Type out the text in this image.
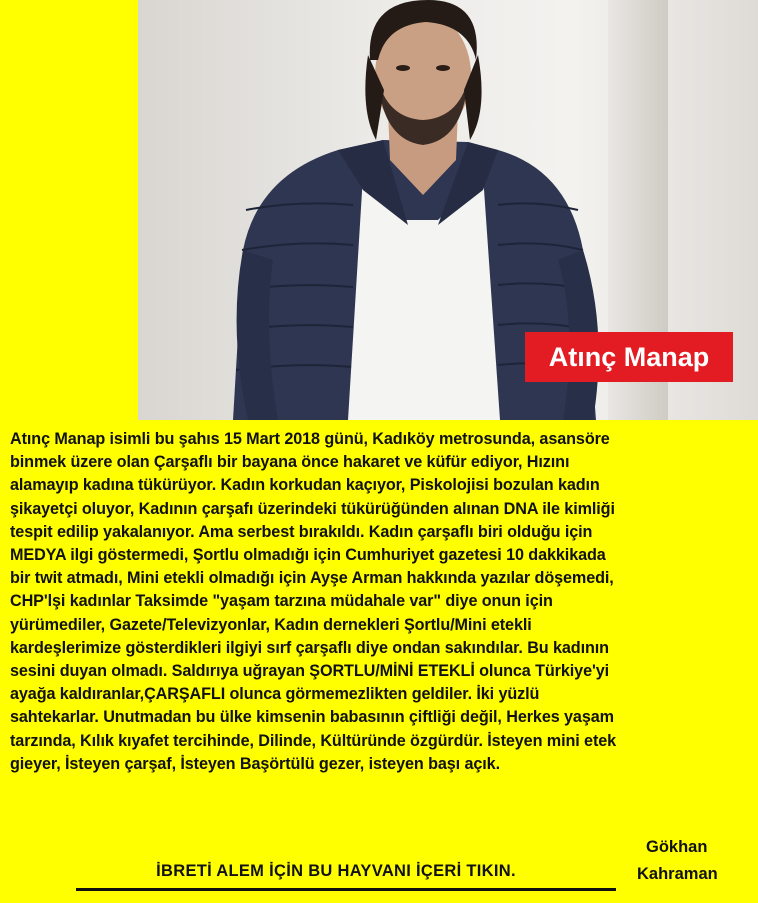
Atınç Manap
Atınç Manap isimli bu şahıs 15 Mart 2018 günü, Kadıköy metrosunda, asansöre
binmek üzere olan Çarşaflı bir bayana önce hakaret ve küfür ediyor, Hızını
alamayıp kadına tükürüyor. Kadın korkudan kaçıyor, Piskolojisi bozulan kadın
şikayetçi oluyor, Kadının çarşafı üzerindeki tükürüğünden alınan DNA ile kimliği
tespit edilip yakalanıyor. Ama serbest bırakıldı. Kadın çarşaflı biri olduğu için
MEDYA ilgi göstermedi, Şortlu olmadığı için Cumhuriyet gazetesi 10 dakkikada
bir twit atmadı, Mini etekli olmadığı için Ayşe Arman hakkında yazılar döşemedi,
CHP'lşi kadınlar Taksimde "yaşam tarzına müdahale var" diye onun için
yürümediler, Gazete/Televizyonlar, Kadın dernekleri Şortlu/Mini etekli
kardeşlerimize gösterdikleri ilgiyi sırf çarşaflı diye ondan sakındılar. Bu kadının
sesini duyan olmadı. Saldırıya uğrayan ŞORTLU/MİNİ ETEKLİ olunca Türkiye'yi
ayağa kaldıranlar,ÇARŞAFLI olunca görmemezlikten geldiler. İki yüzlü
sahtekarlar. Unutmadan bu ülke kimsenin babasının çiftliği değil, Herkes yaşam
tarzında, Kılık kıyafet tercihinde, Dilinde, Kültüründe özgürdür. İsteyen mini etek
gieyer, İsteyen çarşaf, İsteyen Başörtülü gezer, isteyen başı açık.
İBRETİ ALEM İÇİN BU HAYVANI İÇERİ TIKIN.
Gökhan
Kahraman
